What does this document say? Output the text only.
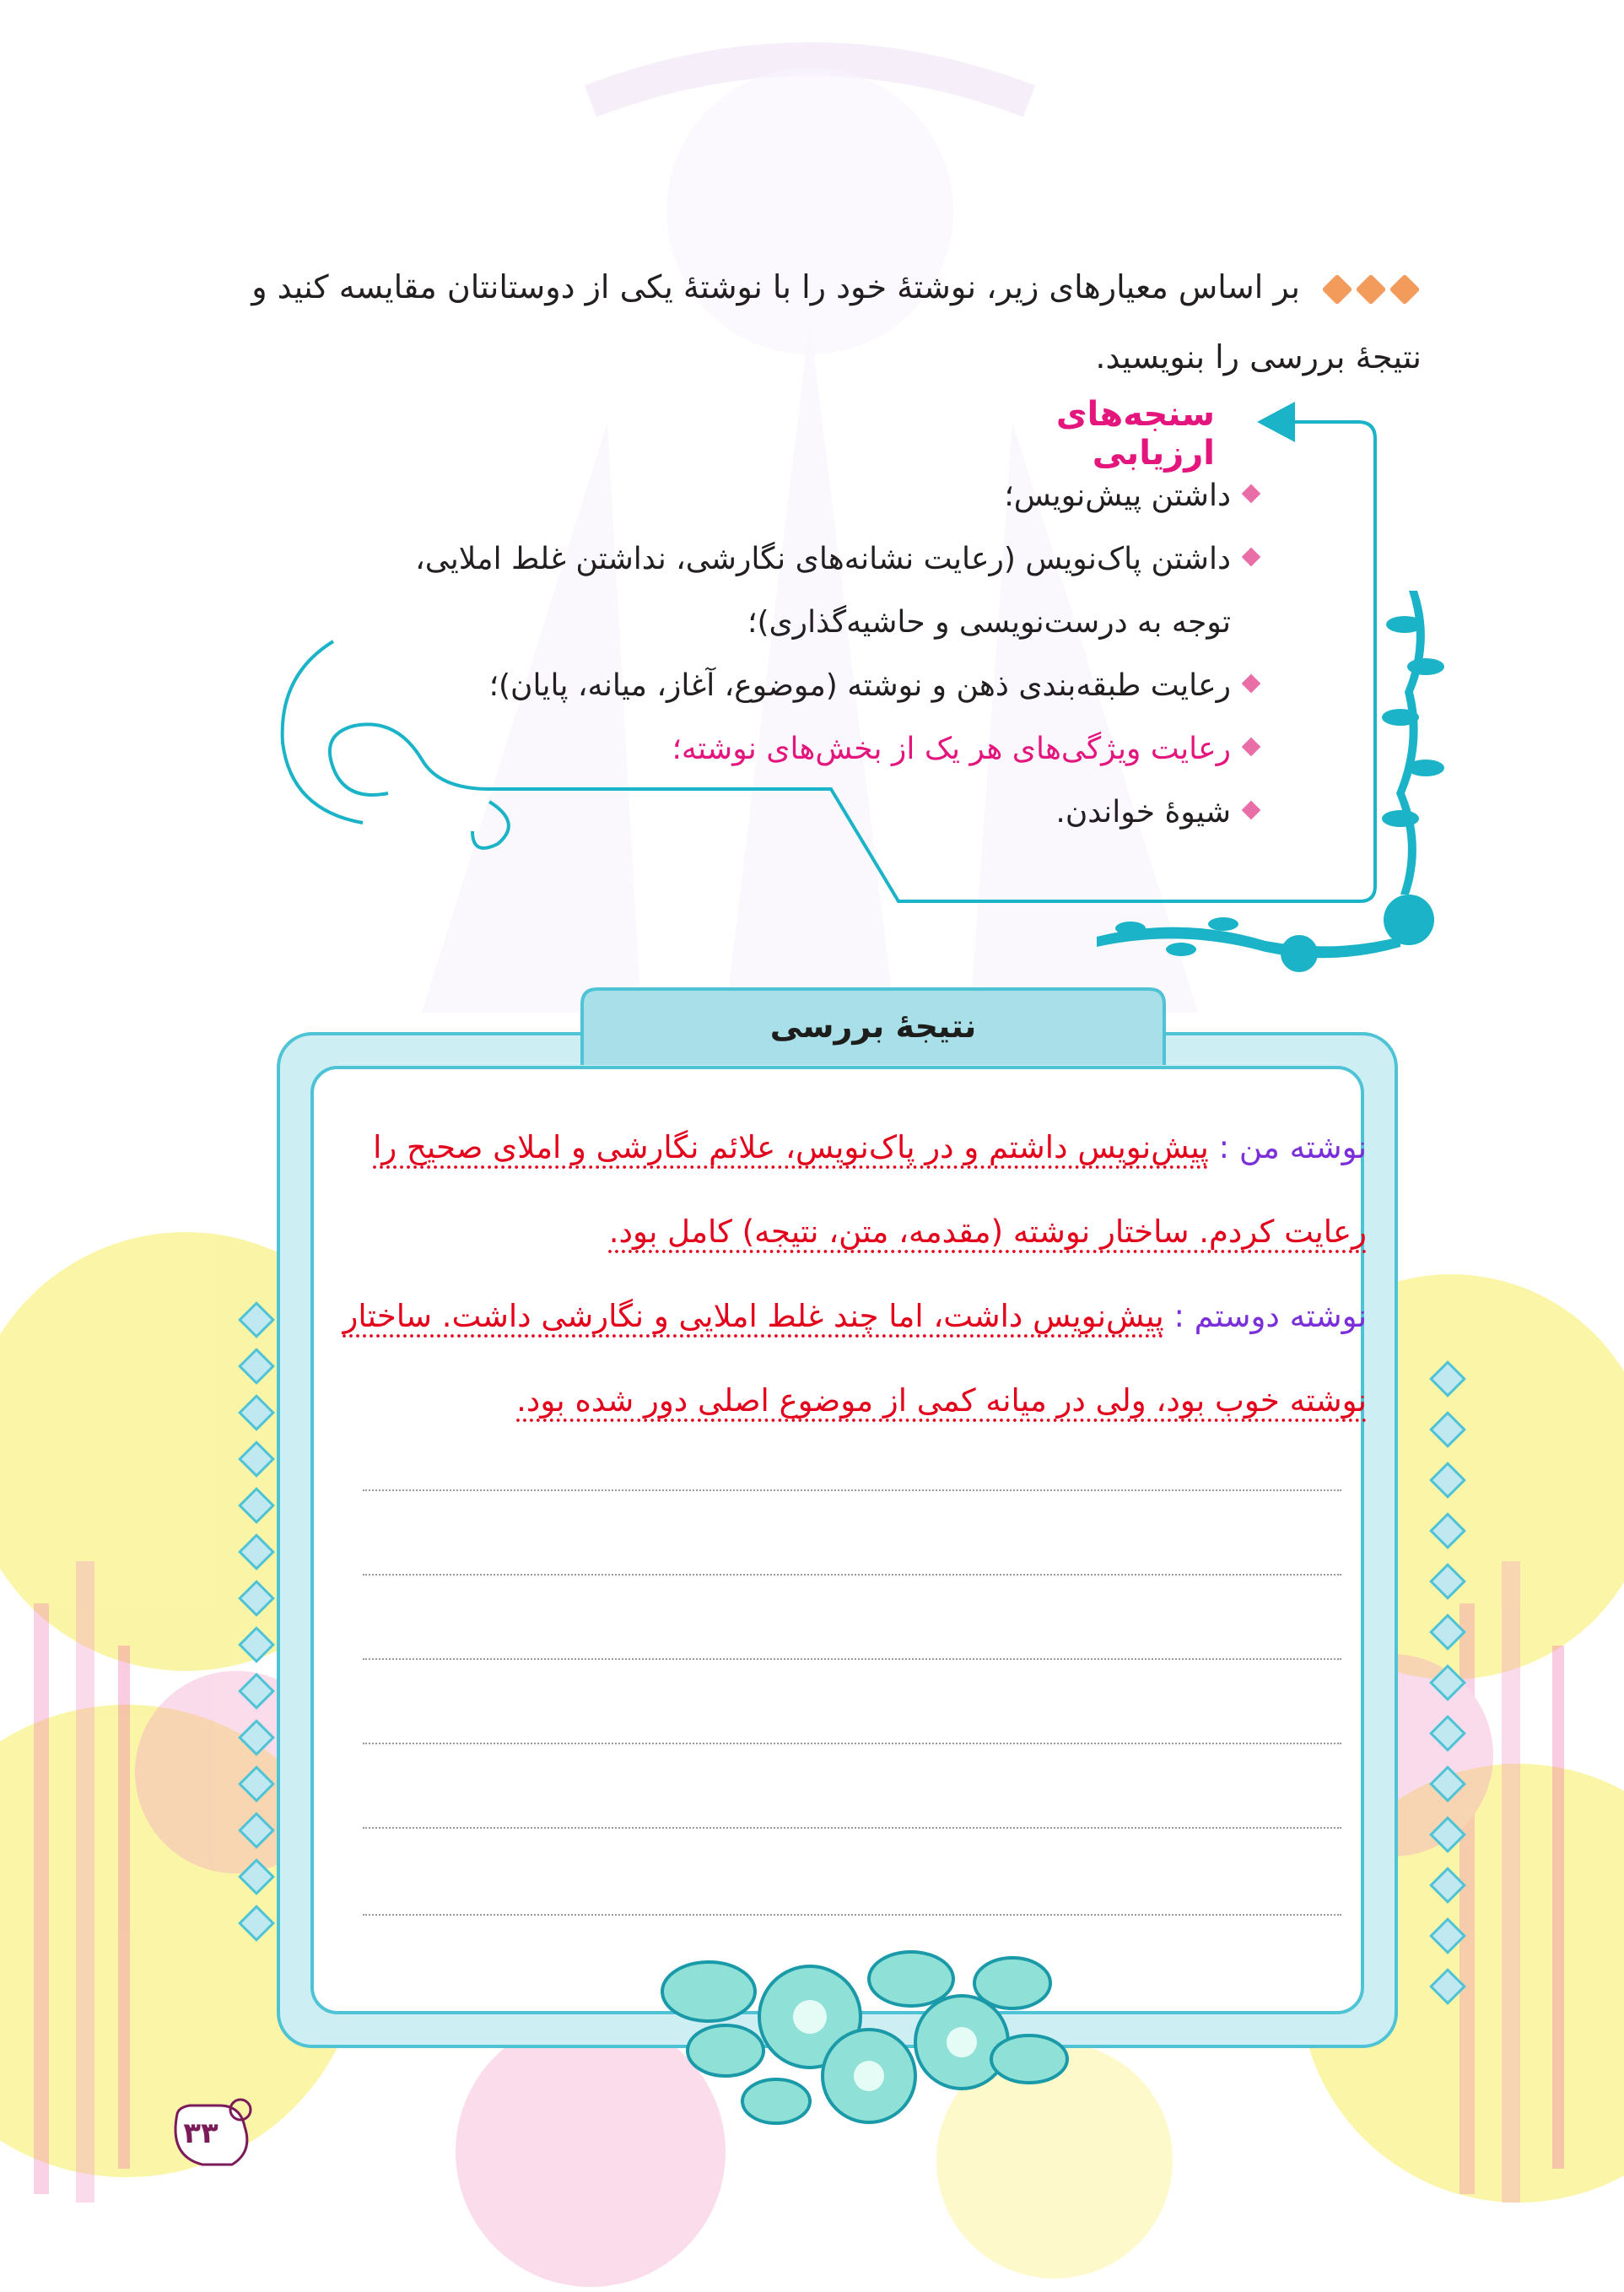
بر اساس معیارهای زیر، نوشتۀ خود را با نوشتۀ یکی از دوستانتان مقایسه کنید و نتیجۀ بررسی را بنویسید.
سنجه‌های ارزیابی
داشتن پیش‌نویس؛
داشتن پاک‌نویس (رعایت نشانه‌های نگارشی، نداشتن غلط املایی، توجه به درست‌نویسی و حاشیه‌گذاری)؛
رعایت طبقه‌بندی ذهن و نوشته (موضوع، آغاز، میانه، پایان)؛
رعایت ویژگی‌های هر یک از بخش‌های نوشته؛
شیوۀ خواندن.
نتیجۀ بررسی
نوشته من : پیش‌نویس داشتم و در پاک‌نویس، علائم نگارشی و املای صحیح را رعایت کردم. ساختار نوشته (مقدمه، متن، نتیجه) کامل بود.
نوشته دوستم : پیش‌نویس داشت، اما چند غلط املایی و نگارشی داشت. ساختار نوشته خوب بود، ولی در میانه کمی از موضوع اصلی دور شده بود.
۳۳
